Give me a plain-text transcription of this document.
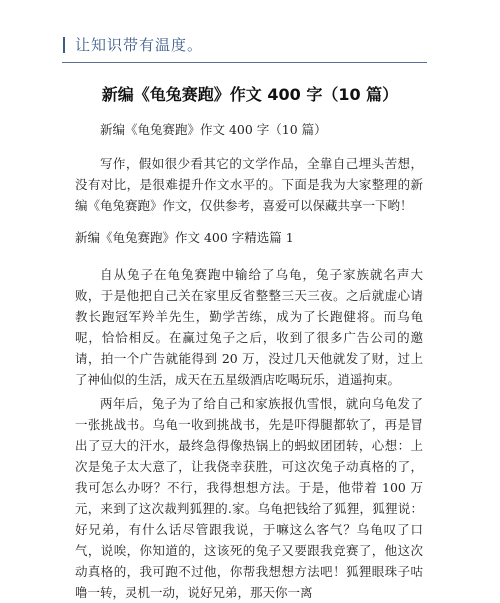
让知识带有温度。
新编《龟兔赛跑》作文 400 字（10 篇）
新编《龟兔赛跑》作文 400 字（10 篇）

写作，假如很少看其它的文学作品，全靠自己埋头苦想，没有对比，是很难提升作文水平的。下面是我为大家整理的新编《龟兔赛跑》作文，仅供参考，喜爱可以保藏共享一下哟！

新编《龟兔赛跑》作文 400 字精选篇 1

自从兔子在龟兔赛跑中输给了乌龟，兔子家族就名声大败，于是他把自己关在家里反省整整三天三夜。之后就虚心请教长跑冠军羚羊先生，勤学苦练，成为了长跑健将。而乌龟呢，恰恰相反。在赢过兔子之后，收到了很多广告公司的邀请，拍一个广告就能得到 20 万，没过几天他就发了财，过上了神仙似的生活，成天在五星级酒店吃喝玩乐，逍遥拘束。

两年后，兔子为了给自己和家族报仇雪恨，就向乌龟发了一张挑战书。乌龟一收到挑战书，先是吓得腿都软了，再是冒出了豆大的汗水，最终急得像热锅上的蚂蚁团团转，心想：上次是兔子太大意了，让我侥幸获胜，可这次兔子动真格的了，我可怎么办呀？不行，我得想想方法。于是，他带着 100 万元，来到了这次裁判狐狸的.家。乌龟把钱给了狐狸，狐狸说：好兄弟，有什么话尽管跟我说，于嘛这么客气？乌龟叹了口气，说唉，你知道的，这该死的兔子又要跟我竞赛了，他这次动真格的，我可跑不过他，你帮我想想方法吧！狐狸眼珠子咕噜一转，灵机一动，说好兄弟，那天你一离
